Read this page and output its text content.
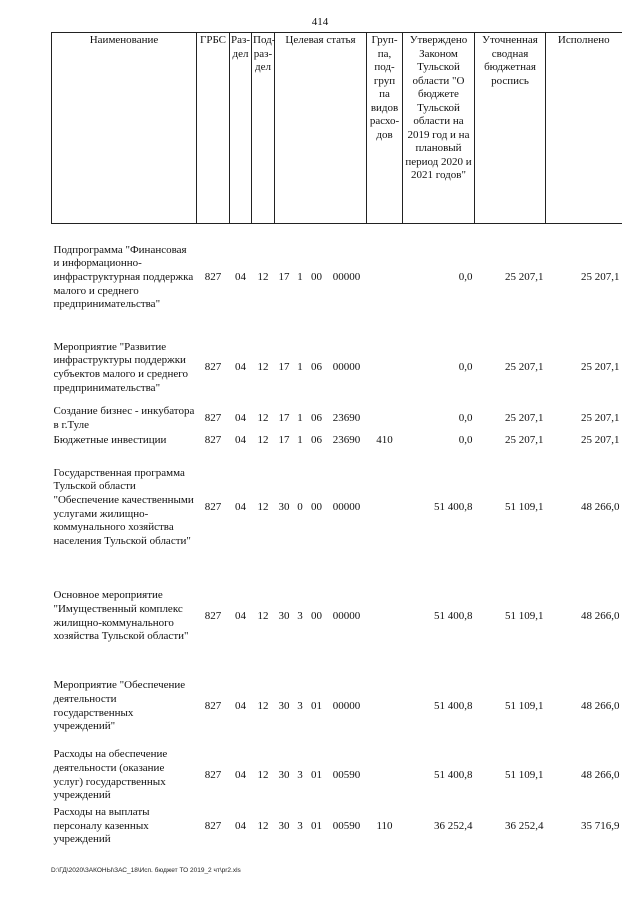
414
Наименование	ГРБС	Раз-дел	Под-раз-дел	Целевая статья				Груп-па, под-груп па видов расхо-дов	Утверждено Законом Тульской области "О бюджете Тульской области на 2019 год и на плановый период 2020 и 2021 годов"	Уточненная сводная бюджетная роспись	Исполнено
Подпрограмма "Финансовая и информационно-инфраструктурная поддержка малого и среднего предпринимательства"	827	04	12	17	1	00	00000		0,0	25 207,1	25 207,1
Мероприятие "Развитие инфраструктуры поддержки субъектов малого и среднего предпринимательства"	827	04	12	17	1	06	00000		0,0	25 207,1	25 207,1
Создание бизнес - инкубатора в г.Туле	827	04	12	17	1	06	23690		0,0	25 207,1	25 207,1
Бюджетные инвестиции	827	04	12	17	1	06	23690	410	0,0	25 207,1	25 207,1
Государственная программа Тульской области "Обеспечение качественными услугами жилищно-коммунального хозяйства населения Тульской области"	827	04	12	30	0	00	00000		51 400,8	51 109,1	48 266,0
Основное мероприятие "Имущественный комплекс жилищно-коммунального хозяйства Тульской области"	827	04	12	30	3	00	00000		51 400,8	51 109,1	48 266,0
Мероприятие "Обеспечение деятельности государственных учреждений"	827	04	12	30	3	01	00000		51 400,8	51 109,1	48 266,0
Расходы на обеспечение деятельности (оказание услуг) государственных учреждений	827	04	12	30	3	01	00590		51 400,8	51 109,1	48 266,0
Расходы на выплаты персоналу казенных учреждений	827	04	12	30	3	01	00590	110	36 252,4	36 252,4	35 716,9
D:\ГД\2020\ЗАКОНЫ\ЗАС_18\Исп. бюджет ТО 2019_2 чт\pr2.xls
